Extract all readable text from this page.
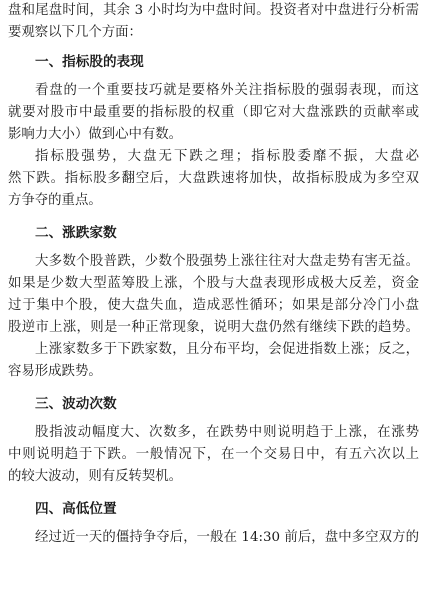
盘和尾盘时间，其余 3 小时均为中盘时间。投资者对中盘进行分析需
要观察以下几个方面：
一、指标股的表现
看盘的一个重要技巧就是要格外关注指标股的强弱表现，而这
就要对股市中最重要的指标股的权重（即它对大盘涨跌的贡献率或
影响力大小）做到心中有数。
指标股强势，大盘无下跌之理；指标股委靡不振，大盘必
然下跌。指标股多翻空后，大盘跌速将加快，故指标股成为多空双
方争夺的重点。
二、涨跌家数
大多数个股普跌，少数个股强势上涨往往对大盘走势有害无益。
如果是少数大型蓝筹股上涨，个股与大盘表现形成极大反差，资金
过于集中个股，使大盘失血，造成恶性循环；如果是部分冷门小盘
股逆市上涨，则是一种正常现象，说明大盘仍然有继续下跌的趋势。
上涨家数多于下跌家数，且分布平均，会促进指数上涨；反之，
容易形成跌势。
三、波动次数
股指波动幅度大、次数多，在跌势中则说明趋于上涨，在涨势
中则说明趋于下跌。一般情况下，在一个交易日中，有五六次以上
的较大波动，则有反转契机。
四、高低位置
经过近一天的僵持争夺后，一般在 14:30 前后，盘中多空双方的
